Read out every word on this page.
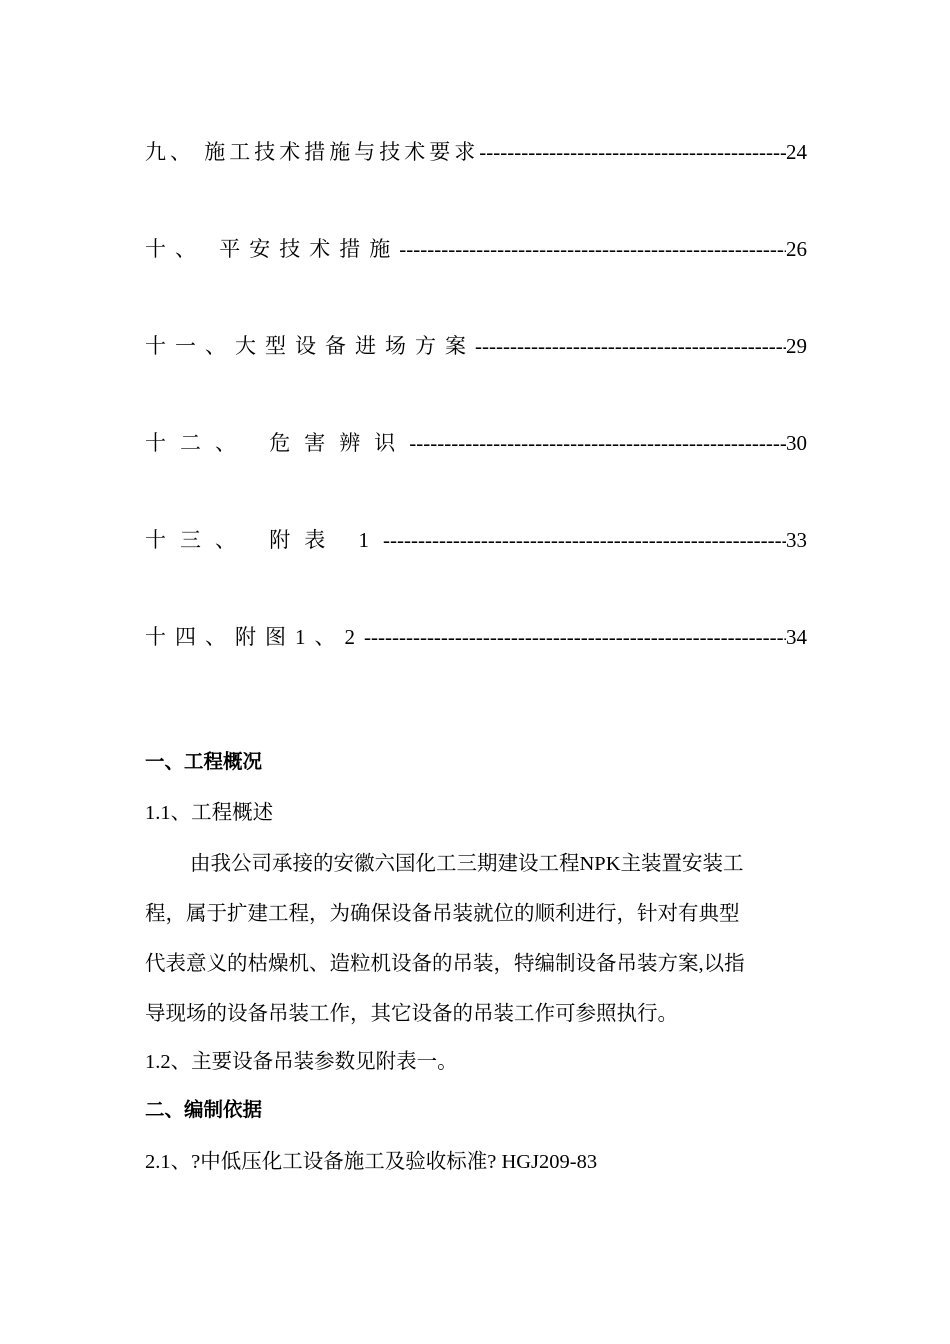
九、 施工技术措施与技术要求 -----	24
十、 平安技术措施 -----	26
十一、大型设备进场方案 -----	29
十二、 危害辨识 -----	30
十三、 附表 1 -----	33
十四、附图1、2 -----	34
一、工程概况
1.1、工程概述
由我公司承接的安徽六国化工三期建设工程NPK主装置安装工
程，属于扩建工程，为确保设备吊装就位的顺利进行，针对有典型
代表意义的枯燥机、造粒机设备的吊装，特编制设备吊装方案,以指
导现场的设备吊装工作，其它设备的吊装工作可参照执行。
1.2、主要设备吊装参数见附表一。
二、编制依据
2.1、?中低压化工设备施工及验收标准? HGJ209-83
